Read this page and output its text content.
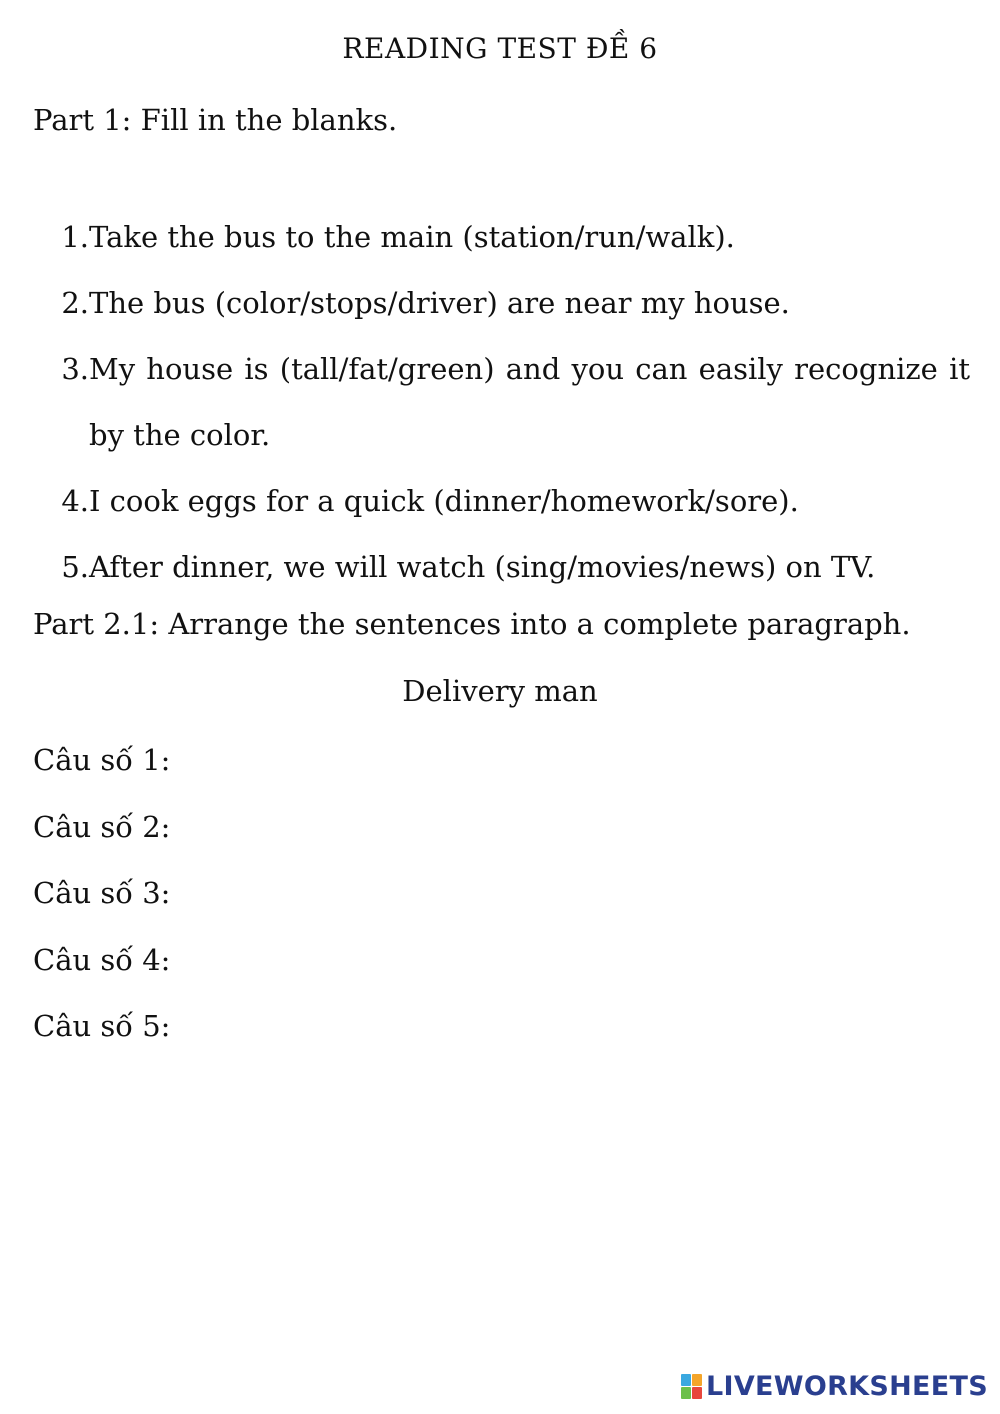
READING TEST ĐỀ 6
Part 1: Fill in the blanks.
1. Take the bus to the main (station/run/walk).
2. The bus (color/stops/driver) are near my house.
3. My house is (tall/fat/green) and you can easily recognize it by the color.
4. I cook eggs for a quick (dinner/homework/sore).
5. After dinner, we will watch (sing/movies/news) on TV.
Part 2.1: Arrange the sentences into a complete paragraph.
Delivery man
Câu số 1:
Câu số 2:
Câu số 3:
Câu số 4:
Câu số 5:
LIVEWORKSHEETS
